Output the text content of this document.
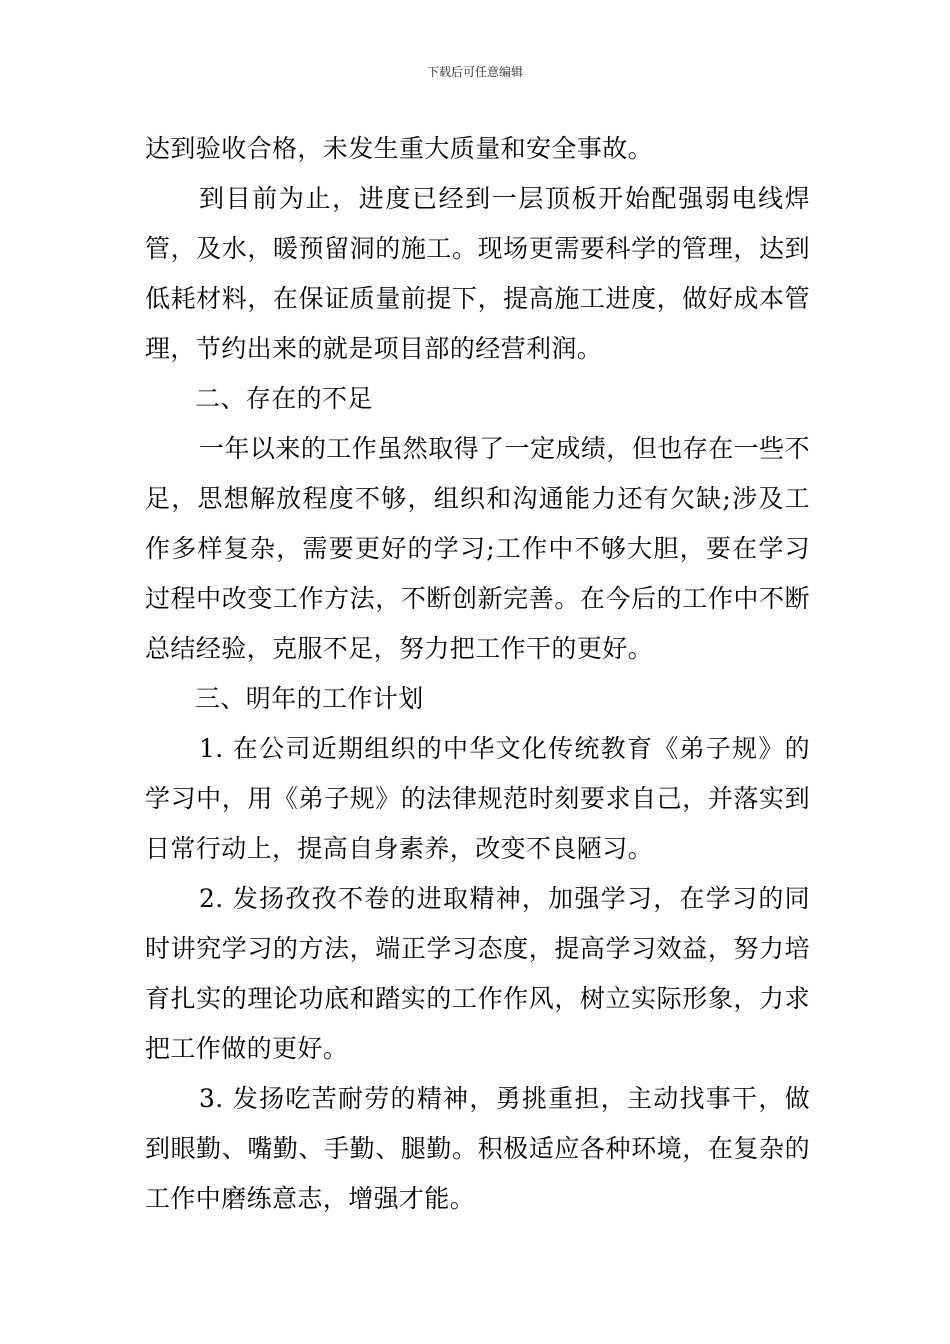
下载后可任意编辑

达到验收合格，未发生重大质量和安全事故。

到目前为止，进度已经到一层顶板开始配强弱电线焊管，及水，暖预留洞的施工。现场更需要科学的管理，达到低耗材料，在保证质量前提下，提高施工进度，做好成本管理，节约出来的就是项目部的经营利润。

二、存在的不足

一年以来的工作虽然取得了一定成绩，但也存在一些不足，思想解放程度不够，组织和沟通能力还有欠缺;涉及工作多样复杂，需要更好的学习;工作中不够大胆，要在学习过程中改变工作方法，不断创新完善。在今后的工作中不断总结经验，克服不足，努力把工作干的更好。

三、明年的工作计划

1. 在公司近期组织的中华文化传统教育《弟子规》的学习中，用《弟子规》的法律规范时刻要求自己，并落实到日常行动上，提高自身素养，改变不良陋习。

2. 发扬孜孜不卷的进取精神，加强学习，在学习的同时讲究学习的方法，端正学习态度，提高学习效益，努力培育扎实的理论功底和踏实的工作作风，树立实际形象，力求把工作做的更好。

3. 发扬吃苦耐劳的精神，勇挑重担，主动找事干，做到眼勤、嘴勤、手勤、腿勤。积极适应各种环境，在复杂的工作中磨练意志，增强才能。
